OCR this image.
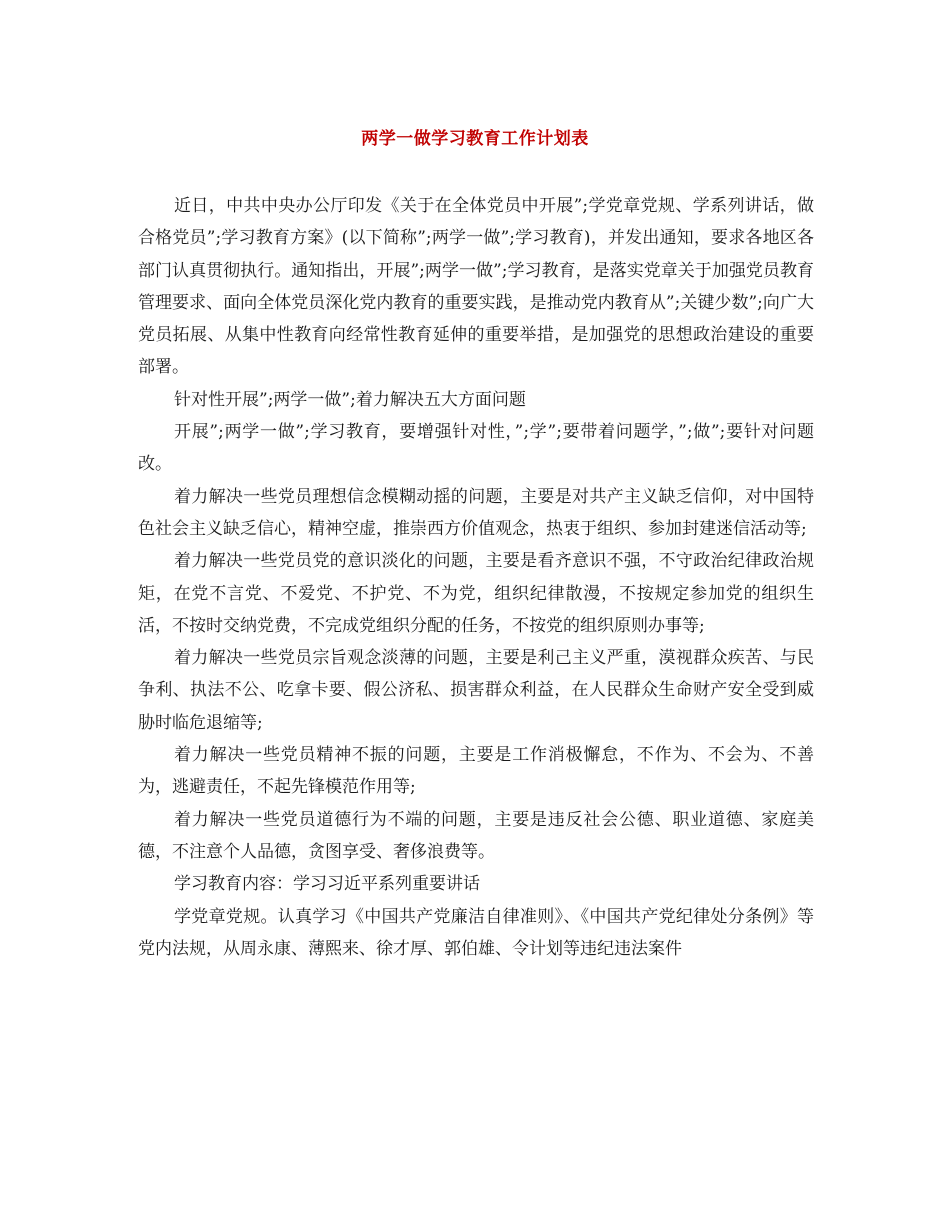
两学一做学习教育工作计划表

近日，中共中央办公厅印发《关于在全体党员中开展”;学党章党规、学系列讲话，做合格党员”;学习教育方案》(以下简称”;两学一做”;学习教育)，并发出通知，要求各地区各部门认真贯彻执行。通知指出，开展”;两学一做”;学习教育，是落实党章关于加强党员教育管理要求、面向全体党员深化党内教育的重要实践，是推动党内教育从”;关键少数”;向广大党员拓展、从集中性教育向经常性教育延伸的重要举措，是加强党的思想政治建设的重要部署。

针对性开展”;两学一做”;着力解决五大方面问题

开展”;两学一做”;学习教育，要增强针对性，”;学”;要带着问题学，”;做”;要针对问题改。

着力解决一些党员理想信念模糊动摇的问题，主要是对共产主义缺乏信仰，对中国特色社会主义缺乏信心，精神空虚，推崇西方价值观念，热衷于组织、参加封建迷信活动等;

着力解决一些党员党的意识淡化的问题，主要是看齐意识不强，不守政治纪律政治规矩，在党不言党、不爱党、不护党、不为党，组织纪律散漫，不按规定参加党的组织生活，不按时交纳党费，不完成党组织分配的任务，不按党的组织原则办事等;

着力解决一些党员宗旨观念淡薄的问题，主要是利己主义严重，漠视群众疾苦、与民争利、执法不公、吃拿卡要、假公济私、损害群众利益，在人民群众生命财产安全受到威胁时临危退缩等;

着力解决一些党员精神不振的问题，主要是工作消极懈怠，不作为、不会为、不善为，逃避责任，不起先锋模范作用等;

着力解决一些党员道德行为不端的问题，主要是违反社会公德、职业道德、家庭美德，不注意个人品德，贪图享受、奢侈浪费等。

学习教育内容：学习习近平系列重要讲话

学党章党规。认真学习《中国共产党廉洁自律准则》、《中国共产党纪律处分条例》等党内法规，从周永康、薄熙来、徐才厚、郭伯雄、令计划等违纪违法案件
